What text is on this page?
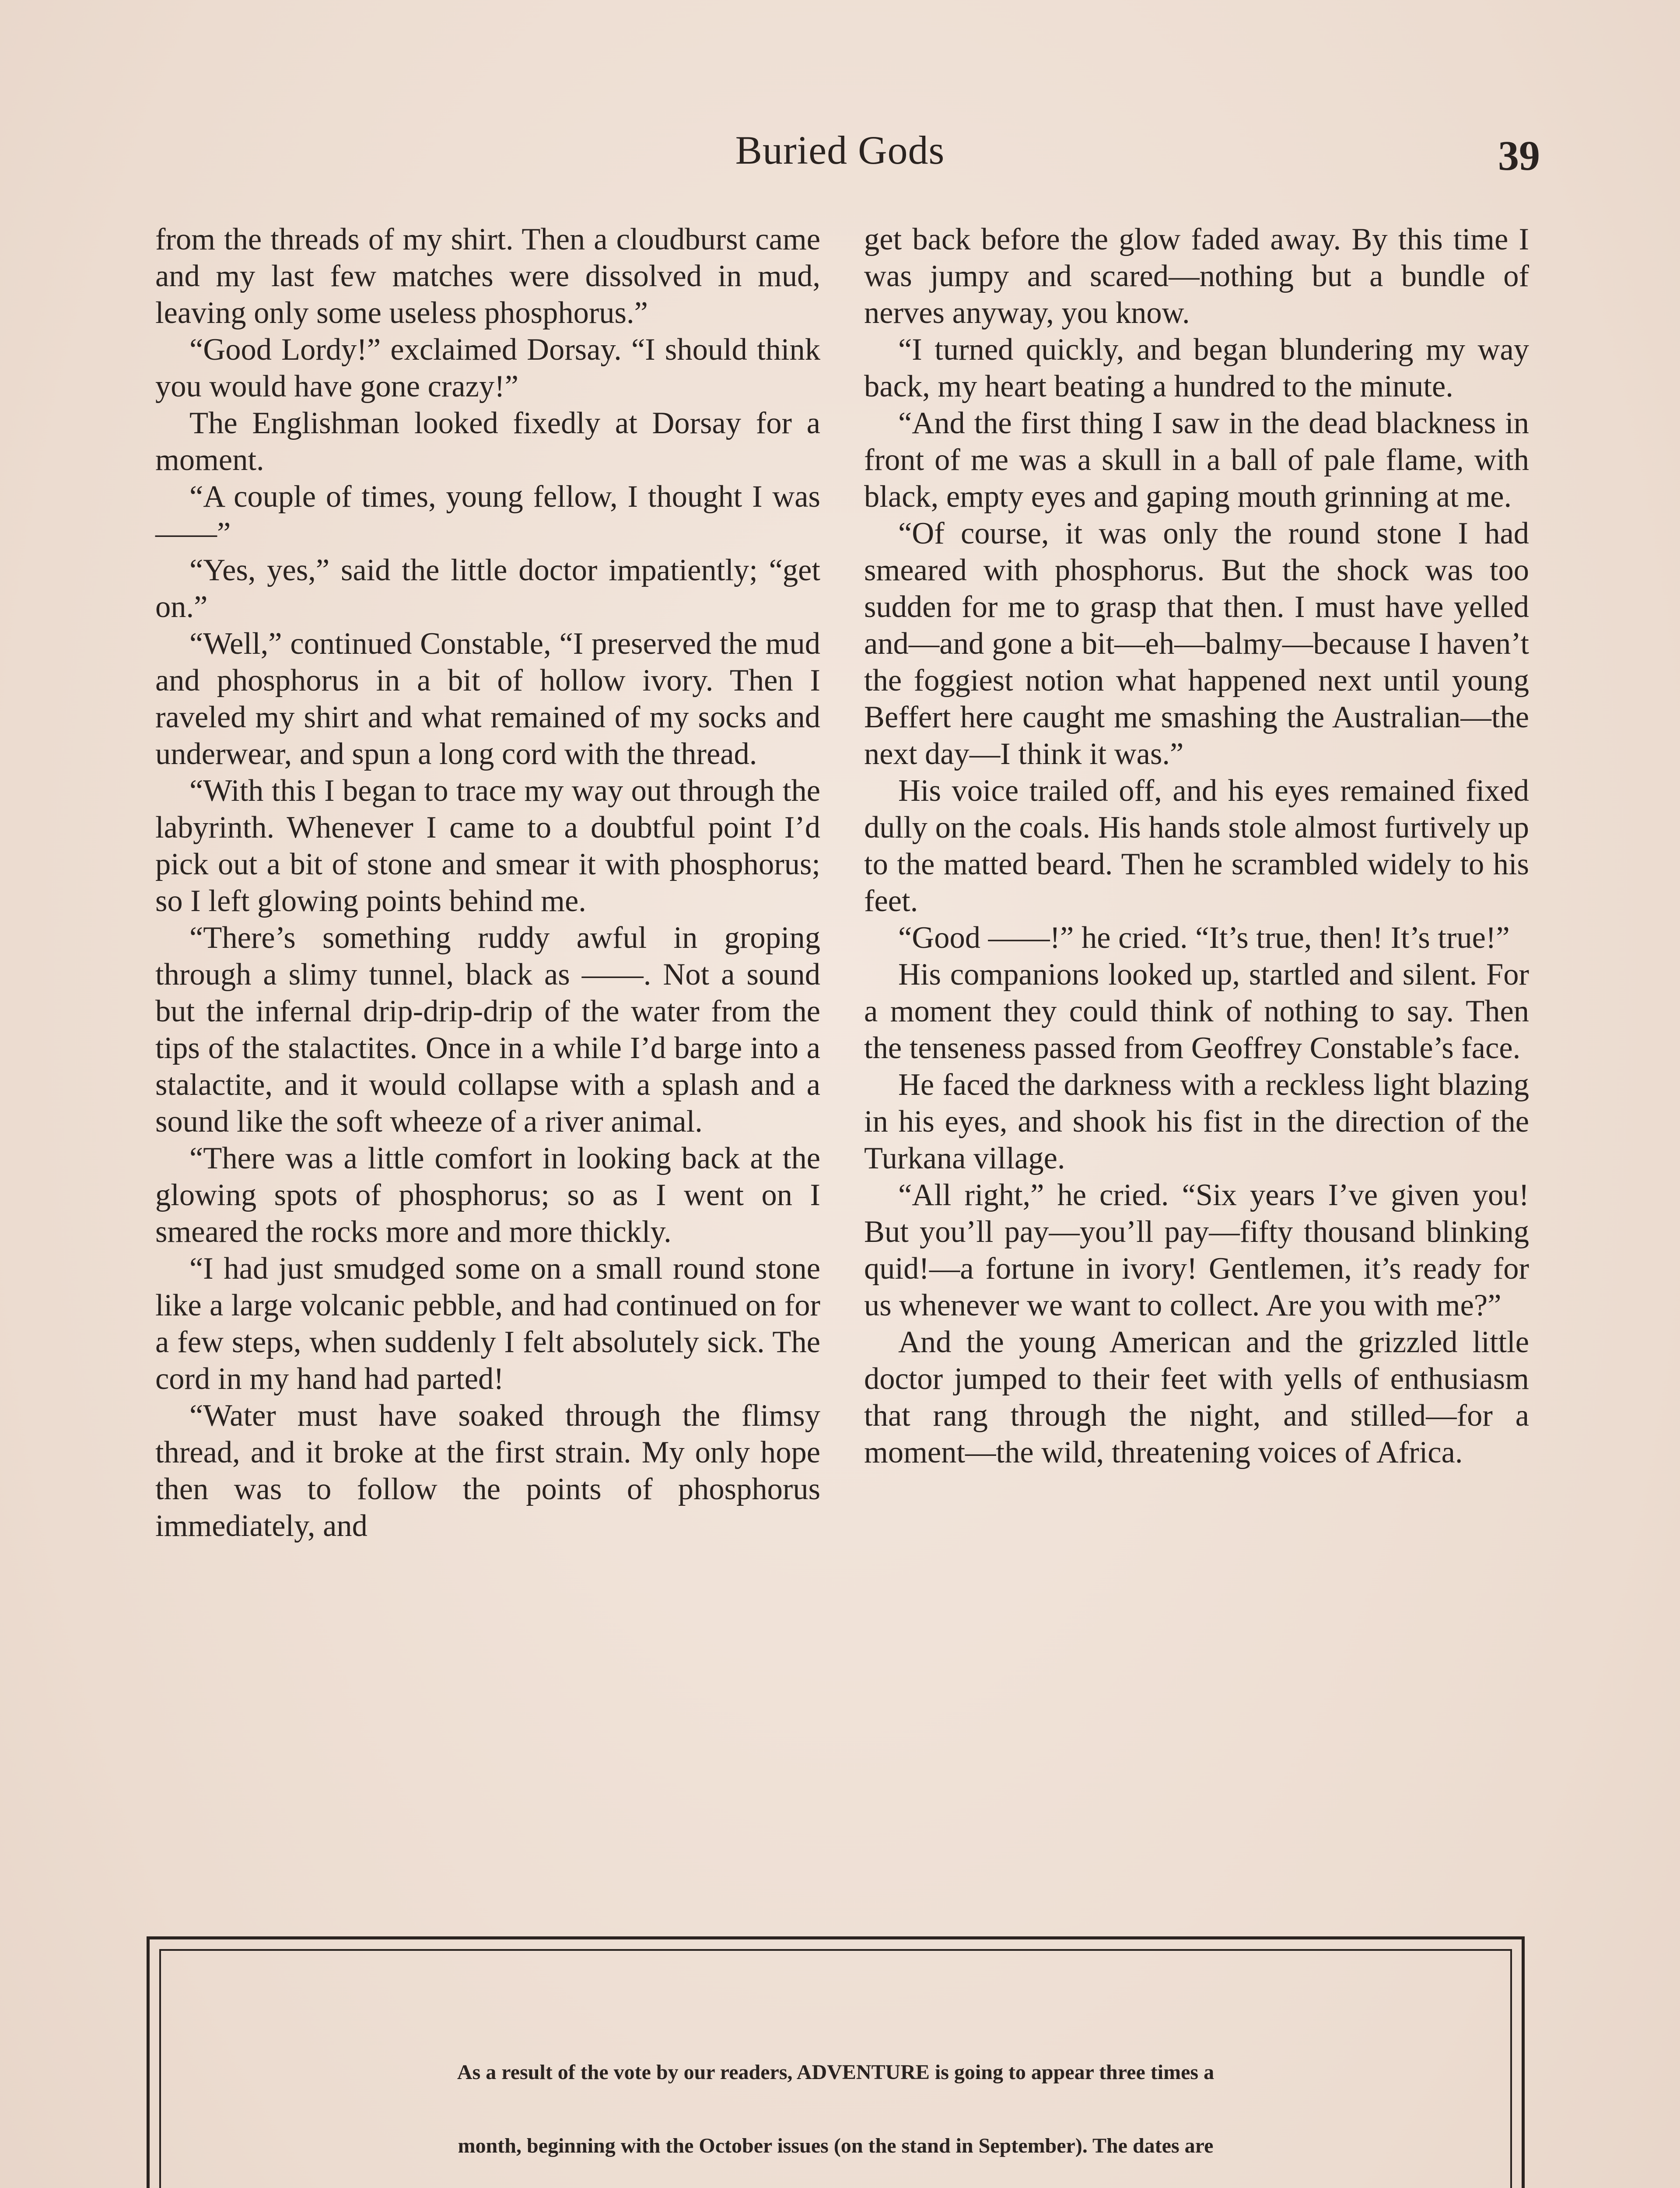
Buried Gods	39

from the threads of my shirt. Then a cloudburst came and my last few matches were dissolved in mud, leaving only some useless phosphorus.”

“Good Lordy!” exclaimed Dorsay. “I should think you would have gone crazy!”

The Englishman looked fixedly at Dorsay for a moment.

“A couple of times, young fellow, I thought I was——”

“Yes, yes,” said the little doctor impatiently; “get on.”

“Well,” continued Constable, “I preserved the mud and phosphorus in a bit of hollow ivory. Then I raveled my shirt and what remained of my socks and underwear, and spun a long cord with the thread.

“With this I began to trace my way out through the labyrinth. Whenever I came to a doubtful point I’d pick out a bit of stone and smear it with phosphorus; so I left glowing points behind me.

“There’s something ruddy awful in groping through a slimy tunnel, black as ——. Not a sound but the infernal drip-drip-drip of the water from the tips of the stalactites. Once in a while I’d barge into a stalactite, and it would collapse with a splash and a sound like the soft wheeze of a river animal.

“There was a little comfort in looking back at the glowing spots of phosphorus; so as I went on I smeared the rocks more and more thickly.

“I had just smudged some on a small round stone like a large volcanic pebble, and had continued on for a few steps, when suddenly I felt absolutely sick. The cord in my hand had parted!

“Water must have soaked through the flimsy thread, and it broke at the first strain. My only hope then was to follow the points of phosphorus immediately, and

get back before the glow faded away. By this time I was jumpy and scared—nothing but a bundle of nerves anyway, you know.

“I turned quickly, and began blundering my way back, my heart beating a hundred to the minute.

“And the first thing I saw in the dead blackness in front of me was a skull in a ball of pale flame, with black, empty eyes and gaping mouth grinning at me.

“Of course, it was only the round stone I had smeared with phosphorus. But the shock was too sudden for me to grasp that then. I must have yelled and—and gone a bit—eh—balmy—because I haven’t the foggiest notion what happened next until young Beffert here caught me smashing the Australian—the next day—I think it was.”

His voice trailed off, and his eyes remained fixed dully on the coals. His hands stole almost furtively up to the matted beard. Then he scrambled widely to his feet.

“Good ——!” he cried. “It’s true, then! It’s true!”

His companions looked up, startled and silent. For a moment they could think of nothing to say. Then the tenseness passed from Geoffrey Constable’s face.

He faced the darkness with a reckless light blazing in his eyes, and shook his fist in the direction of the Turkana village.

“All right,” he cried. “Six years I’ve given you! But you’ll pay—you’ll pay—fifty thousand blinking quid!—a fortune in ivory! Gentlemen, it’s ready for us whenever we want to collect. Are you with me?”

And the young American and the grizzled little doctor jumped to their feet with yells of enthusiasm that rang through the night, and stilled—for a moment—the wild, threatening voices of Africa.

As a result of the vote by our readers, ADVENTURE is going to appear three times a
month, beginning with the October issues (on the stand in September). The dates are
